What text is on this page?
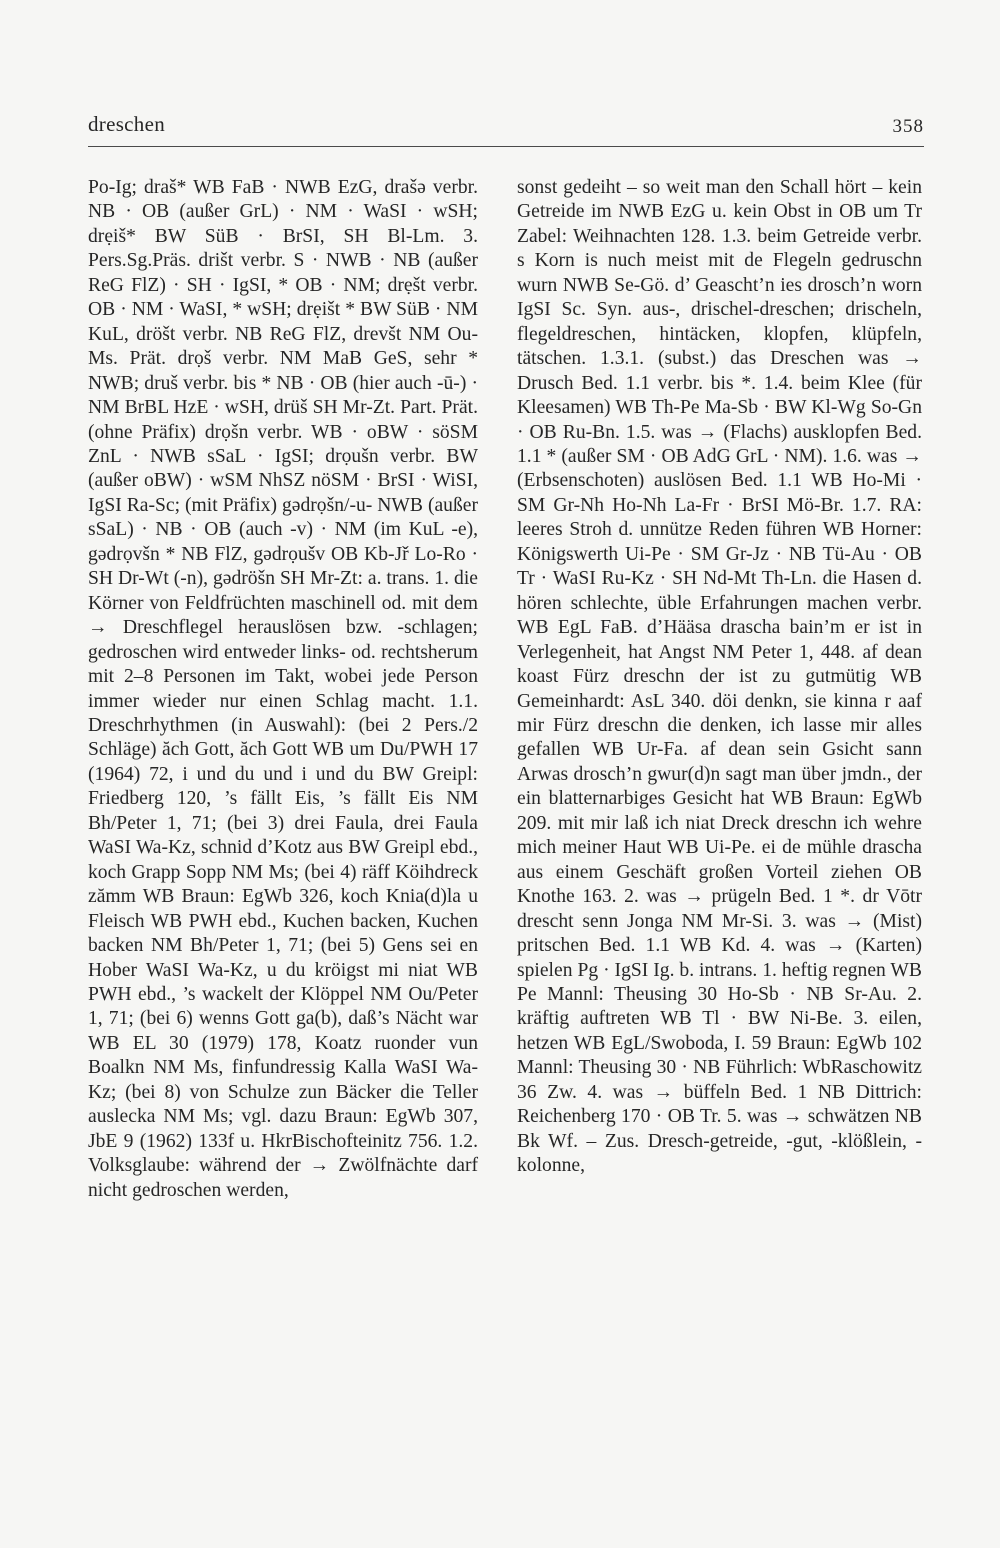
dreschen	358

Po-Ig; draš* WB FaB · NWB EzG, drašə verbr. NB · OB (außer GrL) · NM · WaSI · wSH; drẹiš* BW SüB · BrSI, SH Bl-Lm. 3. Pers.Sg.Präs. drišt verbr. S · NWB · NB (außer ReG FlZ) · SH · IgSI, * OB · NM; drẹšt verbr. OB · NM · WaSI, * wSH; drẹišt * BW SüB · NM KuL, dröšt verbr. NB ReG FlZ, drevšt NM Ou-Ms. Prät. drọš verbr. NM MaB GeS, sehr * NWB; druš verbr. bis * NB · OB (hier auch -ū-) · NM BrBL HzE · wSH, drüš SH Mr-Zt. Part. Prät. (ohne Präfix) drọšn verbr. WB · oBW · söSM ZnL · NWB sSaL · IgSI; drọušn verbr. BW (außer oBW) · wSM NhSZ nöSM · BrSI · WiSI, IgSI Ra-Sc; (mit Präfix) gədrọšn/-u- NWB (außer sSaL) · NB · OB (auch -v) · NM (im KuL -e), gədrọvšn * NB FlZ, gədrọušv OB Kb-Jř Lo-Ro · SH Dr-Wt (-n), gədröšn SH Mr-Zt: a. trans. 1. die Körner von Feldfrüchten maschinell od. mit dem → Dreschflegel herauslösen bzw. -schlagen; gedroschen wird entweder links- od. rechtsherum mit 2–8 Personen im Takt, wobei jede Person immer wieder nur einen Schlag macht. 1.1. Dreschrhythmen (in Auswahl): (bei 2 Pers./2 Schläge) ăch Gott, ăch Gott WB um Du/PWH 17 (1964) 72, i und du und i und du BW Greipl: Friedberg 120, ’s fällt Eis, ’s fällt Eis NM Bh/Peter 1, 71; (bei 3) drei Faula, drei Faula WaSI Wa-Kz, schnid d’Kotz aus BW Greipl ebd., koch Grapp Sopp NM Ms; (bei 4) räff Köihdreck zămm WB Braun: EgWb 326, koch Knia(d)la u Fleisch WB PWH ebd., Kuchen backen, Kuchen backen NM Bh/Peter 1, 71; (bei 5) Gens sei en Hober WaSI Wa-Kz, u du kröigst mi niat WB PWH ebd., ’s wackelt der Klöppel NM Ou/Peter 1, 71; (bei 6) wenns Gott ga(b), daß’s Nächt war WB EL 30 (1979) 178, Koatz ruonder vun Boalkn NM Ms, finfundressig Kalla WaSI Wa-Kz; (bei 8) von Schulze zun Bäcker die Teller auslecka NM Ms; vgl. dazu Braun: EgWb 307, JbE 9 (1962) 133f u. HkrBischofteinitz 756. 1.2. Volksglaube: während der → Zwölfnächte darf nicht gedroschen werden,

sonst gedeiht – so weit man den Schall hört – kein Getreide im NWB EzG u. kein Obst in OB um Tr Zabel: Weihnachten 128. 1.3. beim Getreide verbr. s Korn is nuch meist mit de Flegeln gedruschn wurn NWB Se-Gö. d’ Geascht’n ies drosch’n worn IgSI Sc. Syn. aus-, drischel-dreschen; drischeln, flegeldreschen, hintäcken, klopfen, klüpfeln, tätschen. 1.3.1. (subst.) das Dreschen was → Drusch Bed. 1.1 verbr. bis *. 1.4. beim Klee (für Kleesamen) WB Th-Pe Ma-Sb · BW Kl-Wg So-Gn · OB Ru-Bn. 1.5. was → (Flachs) ausklopfen Bed. 1.1 * (außer SM · OB AdG GrL · NM). 1.6. was → (Erbsenschoten) auslösen Bed. 1.1 WB Ho-Mi · SM Gr-Nh Ho-Nh La-Fr · BrSI Mö-Br. 1.7. RA: leeres Stroh d. unnütze Reden führen WB Horner: Königswerth Ui-Pe · SM Gr-Jz · NB Tü-Au · OB Tr · WaSI Ru-Kz · SH Nd-Mt Th-Ln. die Hasen d. hören schlechte, üble Erfahrungen machen verbr. WB EgL FaB. d’Hääsa drascha bain’m er ist in Verlegenheit, hat Angst NM Peter 1, 448. af dean koast Fürz dreschn der ist zu gutmütig WB Gemeinhardt: AsL 340. döi denkn, sie kinna r aaf mir Fürz dreschn die denken, ich lasse mir alles gefallen WB Ur-Fa. af dean sein Gsicht sann Arwas drosch’n gwur(d)n sagt man über jmdn., der ein blatternarbiges Gesicht hat WB Braun: EgWb 209. mit mir laß ich niat Dreck dreschn ich wehre mich meiner Haut WB Ui-Pe. ei de mühle drascha aus einem Geschäft großen Vorteil ziehen OB Knothe 163. 2. was → prügeln Bed. 1 *. dr Vōtr drescht senn Jonga NM Mr-Si. 3. was → (Mist) pritschen Bed. 1.1 WB Kd. 4. was → (Karten) spielen Pg · IgSI Ig. b. intrans. 1. heftig regnen WB Pe Mannl: Theusing 30 Ho-Sb · NB Sr-Au. 2. kräftig auftreten WB Tl · BW Ni-Be. 3. eilen, hetzen WB EgL/Swoboda, I. 59 Braun: EgWb 102 Mannl: Theusing 30 · NB Führlich: WbRaschowitz 36 Zw. 4. was → büffeln Bed. 1 NB Dittrich: Reichenberg 170 · OB Tr. 5. was → schwätzen NB Bk Wf. – Zus. Dresch-getreide, -gut, -klößlein, -kolonne,
